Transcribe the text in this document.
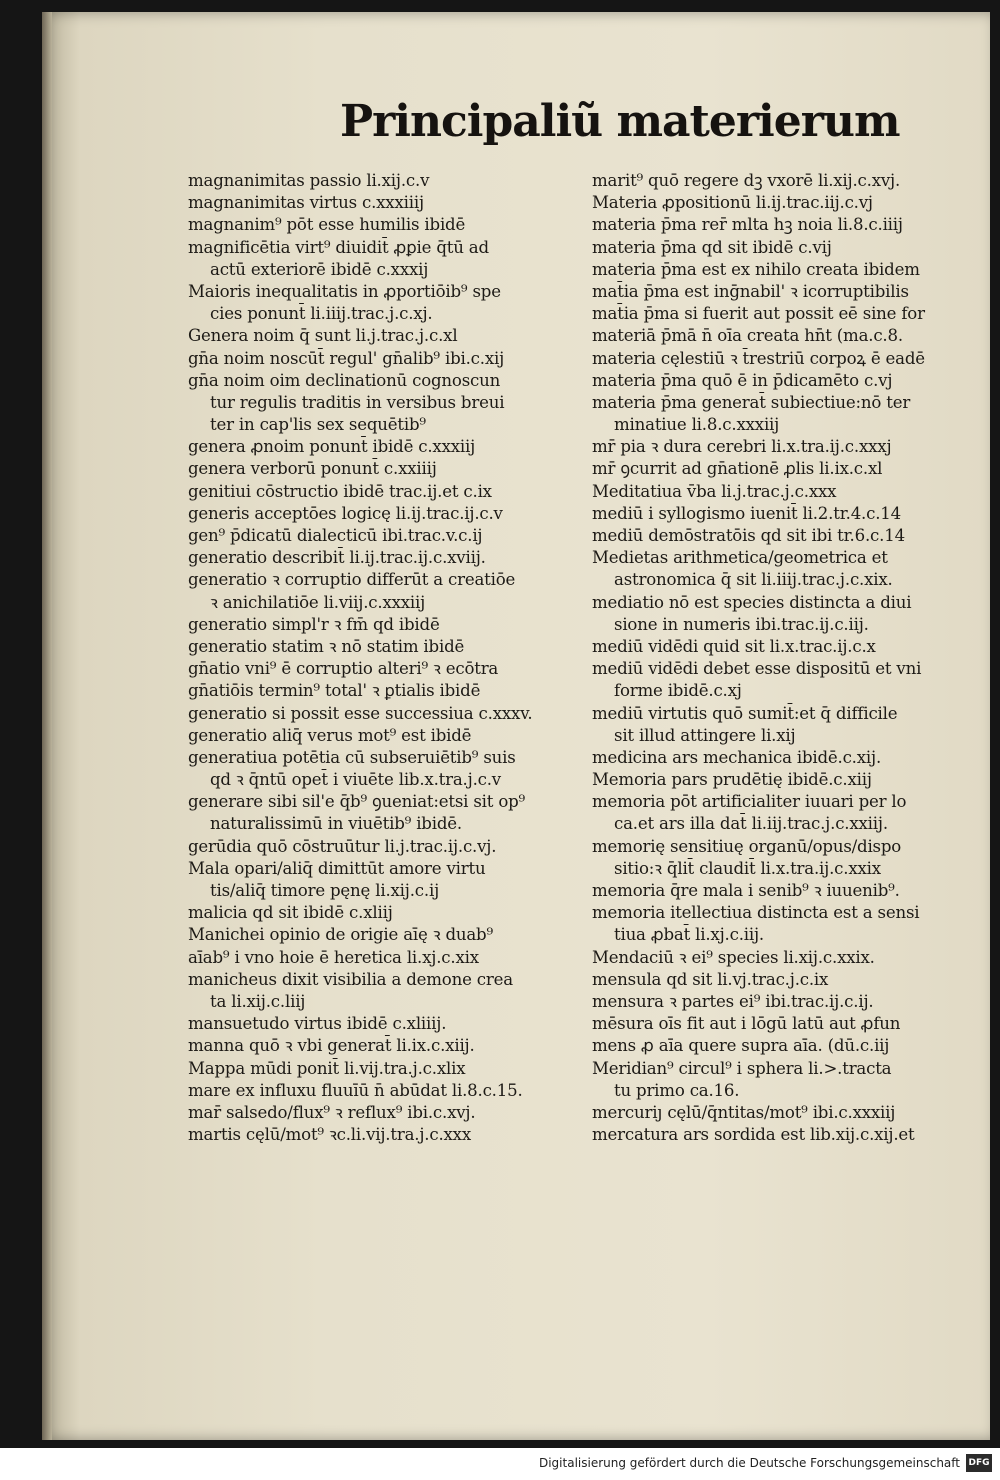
Principaliũ materierum
magnanimitas passio li.xij.c.v
magnanimitas virtus c.xxxiiij
magnanim⁹ pōt esse humilis ibidē
magnificētia virt⁹ diuidit̄ ꝓꝑie q̄tū ad
actū exteriorē ibidē c.xxxij
Maioris inequalitatis in ꝓportiōib⁹ spe
cies ponunt̄ li.iiij.trac.j.c.xj.
Genera noim q̄ sunt li.j.trac.j.c.xl
gn̄a noim noscūt̄ regul' gn̄alib⁹ ibi.c.xij
gn̄a noim oim declinationū cognoscun
tur regulis traditis in versibus breui
ter in cap'lis sex sequētib⁹
genera ꝓnoim ponunt̄ ibidē c.xxxiij
genera verborū ponunt̄ c.xxiiij
genitiui cōstructio ibidē trac.ij.et c.ix
generis acceptōes logicę li.ij.trac.ij.c.v
gen⁹ p̄dicatū dialecticū ibi.trac.v.c.ij
generatio describit̄ li.ij.trac.ij.c.xviij.
generatio ꝛ corruptio differūt a creatiōe
ꝛ anichilatiōe li.viij.c.xxxiij
generatio simpl'r ꝛ fm̄ qd ibidē
generatio statim ꝛ nō statim ibidē
gn̄atio vni⁹ ē corruptio alteri⁹ ꝛ ecōtra
gn̄atiōis termin⁹ total' ꝛ ꝑtialis ibidē
generatio si possit esse successiua c.xxxv.
generatio aliq̄ verus mot⁹ est ibidē
generatiua potētia cū subseruiētib⁹ suis
qd ꝛ q̄ntū opet̄ i viuēte lib.x.tra.j.c.v
generare sibi sil'e q̄b⁹ ꝯueniat:etsi sit op⁹
naturalissimū in viuētib⁹ ibidē.
gerūdia quō cōstruūtur li.j.trac.ij.c.vj.
Mala opari/aliq̄ dimittūt amore virtu
tis/aliq̄ timore pęnę li.xij.c.ij
malicia qd sit ibidē c.xliij
Manichei opinio de origie aīę ꝛ duab⁹
aīab⁹ i vno hoie ē heretica li.xj.c.xix
manicheus dixit visibilia a demone crea
ta li.xij.c.liij
mansuetudo virtus ibidē c.xliiij.
manna quō ꝛ vbi generat̄ li.ix.c.xiij.
Mappa mūdi ponit̄ li.vij.tra.j.c.xlix
mare ex influxu fluuīū n̄ abūdat li.8.c.15.
mar̄ salsedo/flux⁹ ꝛ reflux⁹ ibi.c.xvj.
martis cęlū/mot⁹ ꝛc.li.vij.tra.j.c.xxx
marit⁹ quō regere dꝫ vxorē li.xij.c.xvj.
Materia ꝓpositionū li.ij.trac.iij.c.vj
materia p̄ma rer̄ mlta hꝫ noia li.8.c.iiij
materia p̄ma qd sit ibidē c.vij
materia p̄ma est ex nihilo creata ibidem
mat̄ia p̄ma est inḡnabil' ꝛ icorruptibilis
mat̄ia p̄ma si fuerit aut possit eē sine for
materiā p̄mā n̄ oīa creata hn̄t (ma.c.8.
materia cęlestiū ꝛ t̄restriū corpoꝝ ē eadē
materia p̄ma quō ē in p̄dicamēto c.vj
materia p̄ma generat̄ subiectiue:nō ter
minatiue li.8.c.xxxiij
mr̄ pia ꝛ dura cerebri li.x.tra.ij.c.xxxj
mr̄ ꝯcurrit ad gn̄ationē ꝓlis li.ix.c.xl
Meditatiua v̄ba li.j.trac.j.c.xxx
mediū i syllogismo iuenit̄ li.2.tr.4.c.14
mediū demōstratōis qd sit ibi tr.6.c.14
Medietas arithmetica/geometrica et
astronomica q̄ sit li.iiij.trac.j.c.xix.
mediatio nō est species distincta a diui
sione in numeris ibi.trac.ij.c.iij.
mediū vidēdi quid sit li.x.trac.ij.c.x
mediū vidēdi debet esse dispositū et vni
forme ibidē.c.xj
mediū virtutis quō sumit̄:et q̄ difficile
sit illud attingere li.xij
medicina ars mechanica ibidē.c.xij.
Memoria pars prudētię ibidē.c.xiij
memoria pōt artificialiter iuuari per lo
ca.et ars illa dat̄ li.iij.trac.j.c.xxiij.
memorię sensitiuę organū/opus/dispo
sitio:ꝛ q̄lit̄ claudit̄ li.x.tra.ij.c.xxix
memoria q̄re mala i senib⁹ ꝛ iuuenib⁹.
memoria itellectiua distincta est a sensi
tiua ꝓbat̄ li.xj.c.iij.
Mendaciū ꝛ ei⁹ species li.xij.c.xxix.
mensula qd sit li.vj.trac.j.c.ix
mensura ꝛ partes ei⁹ ibi.trac.ij.c.ij.
mēsura oīs fit aut i lōgū latū aut ꝓfun
mens ꝓ aīa quere supra aīa. (dū.c.iij
Meridian⁹ circul⁹ i sphera li.>.tracta
tu primo ca.16.
mercuriȷ cęlū/q̄ntitas/mot⁹ ibi.c.xxxiij
mercatura ars sordida est lib.xij.c.xij.et
Digitalisierung gefördert durch die Deutsche Forschungsgemeinschaft DFG
